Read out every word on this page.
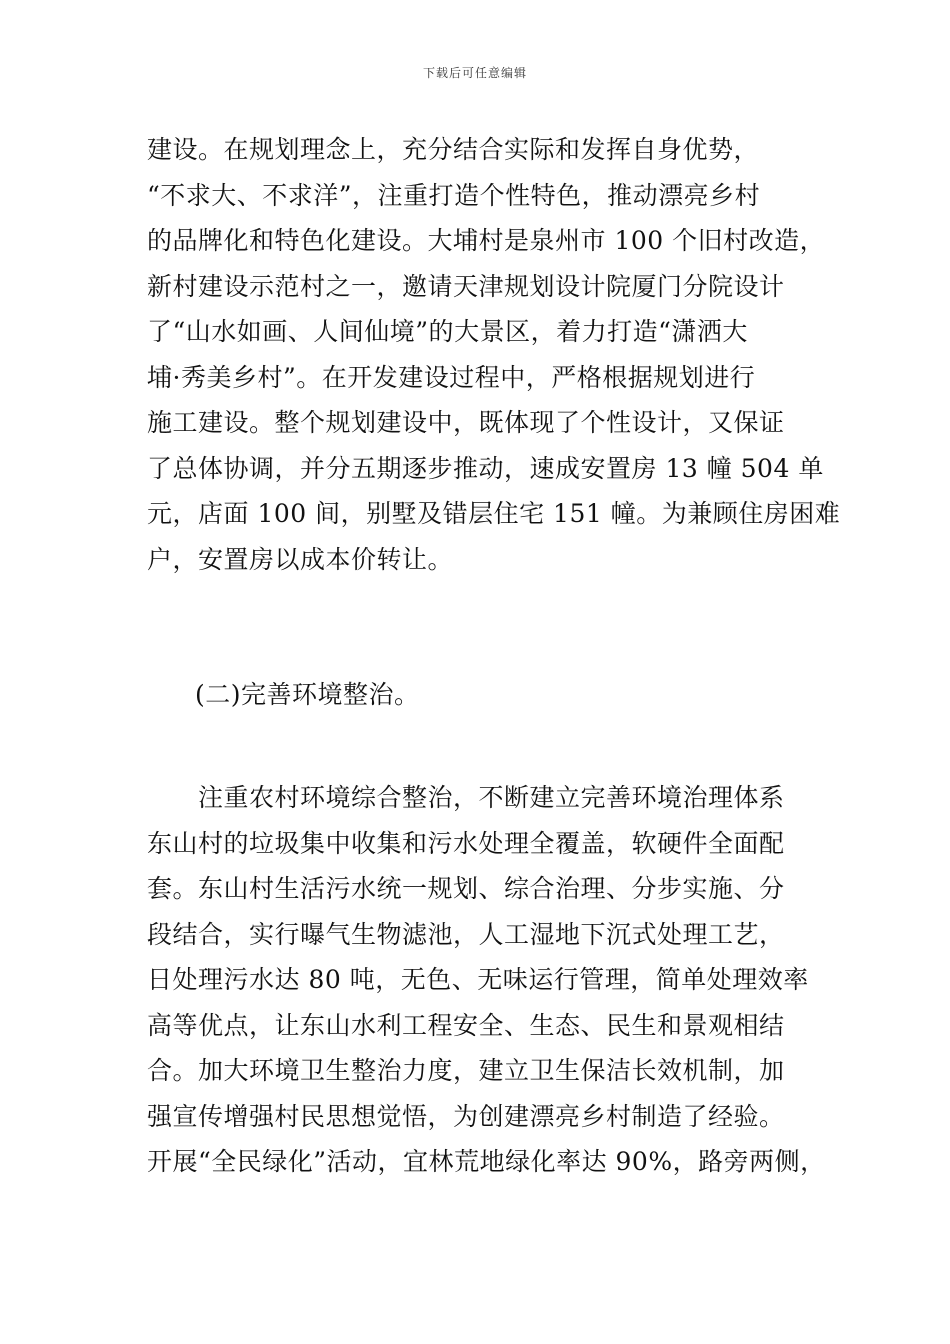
下载后可任意编辑
建设。在规划理念上，充分结合实际和发挥自身优势，
“不求大、不求洋”，注重打造个性特色，推动漂亮乡村
的品牌化和特色化建设。大埔村是泉州市 100 个旧村改造，
新村建设示范村之一，邀请天津规划设计院厦门分院设计
了“山水如画、人间仙境”的大景区，着力打造“潇洒大
埔·秀美乡村”。在开发建设过程中，严格根据规划进行
施工建设。整个规划建设中，既体现了个性设计，又保证
了总体协调，并分五期逐步推动，速成安置房 13 幢 504 单
元，店面 100 间，别墅及错层住宅 151 幢。为兼顾住房困难
户，安置房以成本价转让。
(二)完善环境整治。
　　注重农村环境综合整治，不断建立完善环境治理体系
东山村的垃圾集中收集和污水处理全覆盖，软硬件全面配
套。东山村生活污水统一规划、综合治理、分步实施、分
段结合，实行曝气生物滤池，人工湿地下沉式处理工艺，
日处理污水达 80 吨，无色、无味运行管理，简单处理效率
高等优点，让东山水利工程安全、生态、民生和景观相结
合。加大环境卫生整治力度，建立卫生保洁长效机制，加
强宣传增强村民思想觉悟，为创建漂亮乡村制造了经验。
开展“全民绿化”活动，宜林荒地绿化率达 90%，路旁两侧，
